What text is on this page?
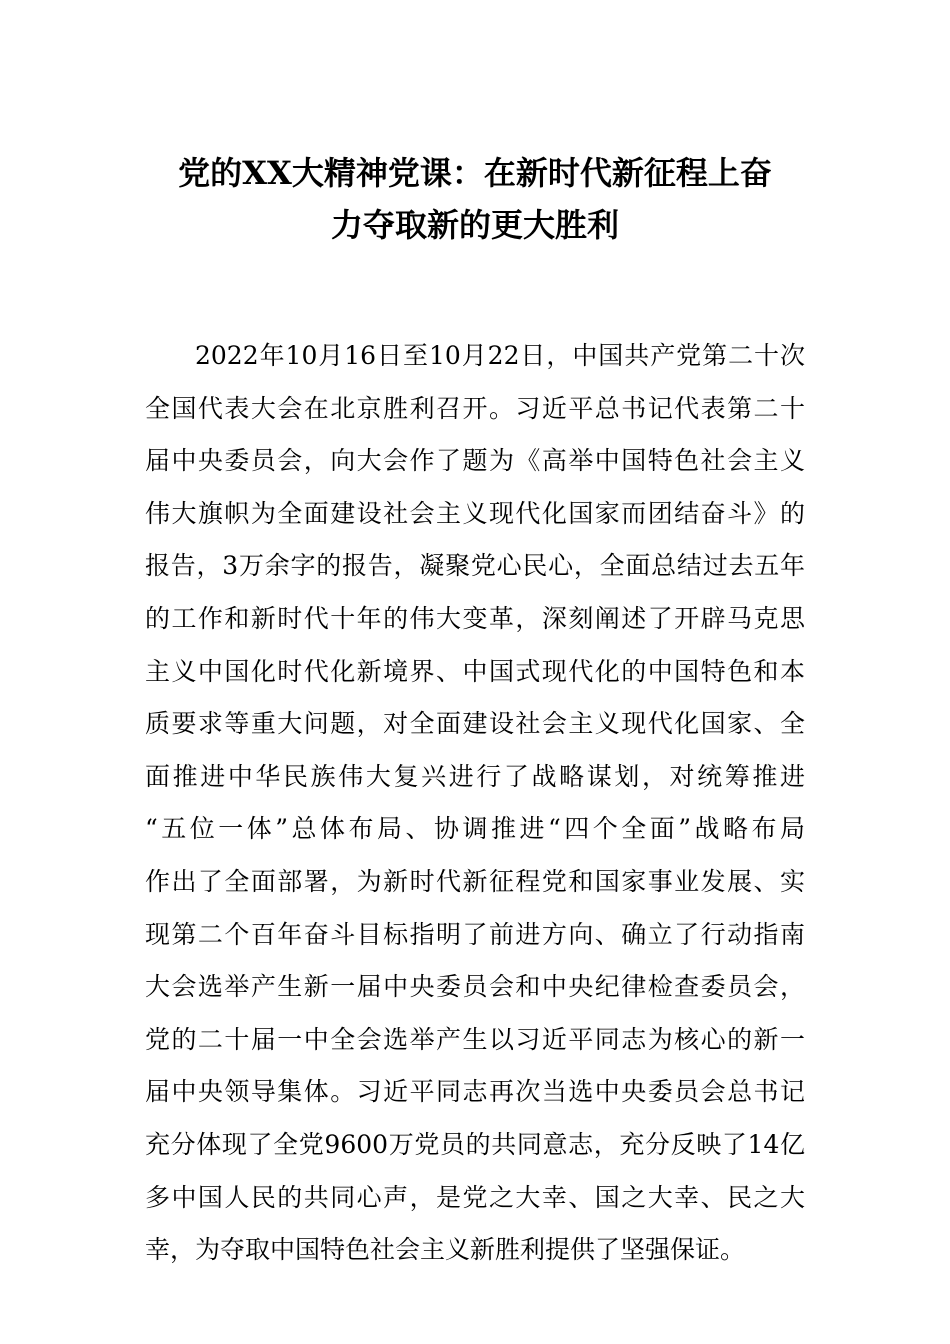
党的XX大精神党课：在新时代新征程上奋
力夺取新的更大胜利
2022年10月16日至10月22日，中国共产党第二十次
全国代表大会在北京胜利召开。习近平总书记代表第二十
届中央委员会，向大会作了题为《高举中国特色社会主义
伟大旗帜为全面建设社会主义现代化国家而团结奋斗》的
报告，3万余字的报告，凝聚党心民心，全面总结过去五年
的工作和新时代十年的伟大变革，深刻阐述了开辟马克思
主义中国化时代化新境界、中国式现代化的中国特色和本
质要求等重大问题，对全面建设社会主义现代化国家、全
面推进中华民族伟大复兴进行了战略谋划，对统筹推进
“五位一体”总体布局、协调推进“四个全面”战略布局
作出了全面部署，为新时代新征程党和国家事业发展、实
现第二个百年奋斗目标指明了前进方向、确立了行动指南
大会选举产生新一届中央委员会和中央纪律检查委员会，
党的二十届一中全会选举产生以习近平同志为核心的新一
届中央领导集体。习近平同志再次当选中央委员会总书记
充分体现了全党9600万党员的共同意志，充分反映了14亿
多中国人民的共同心声，是党之大幸、国之大幸、民之大
幸，为夺取中国特色社会主义新胜利提供了坚强保证。
